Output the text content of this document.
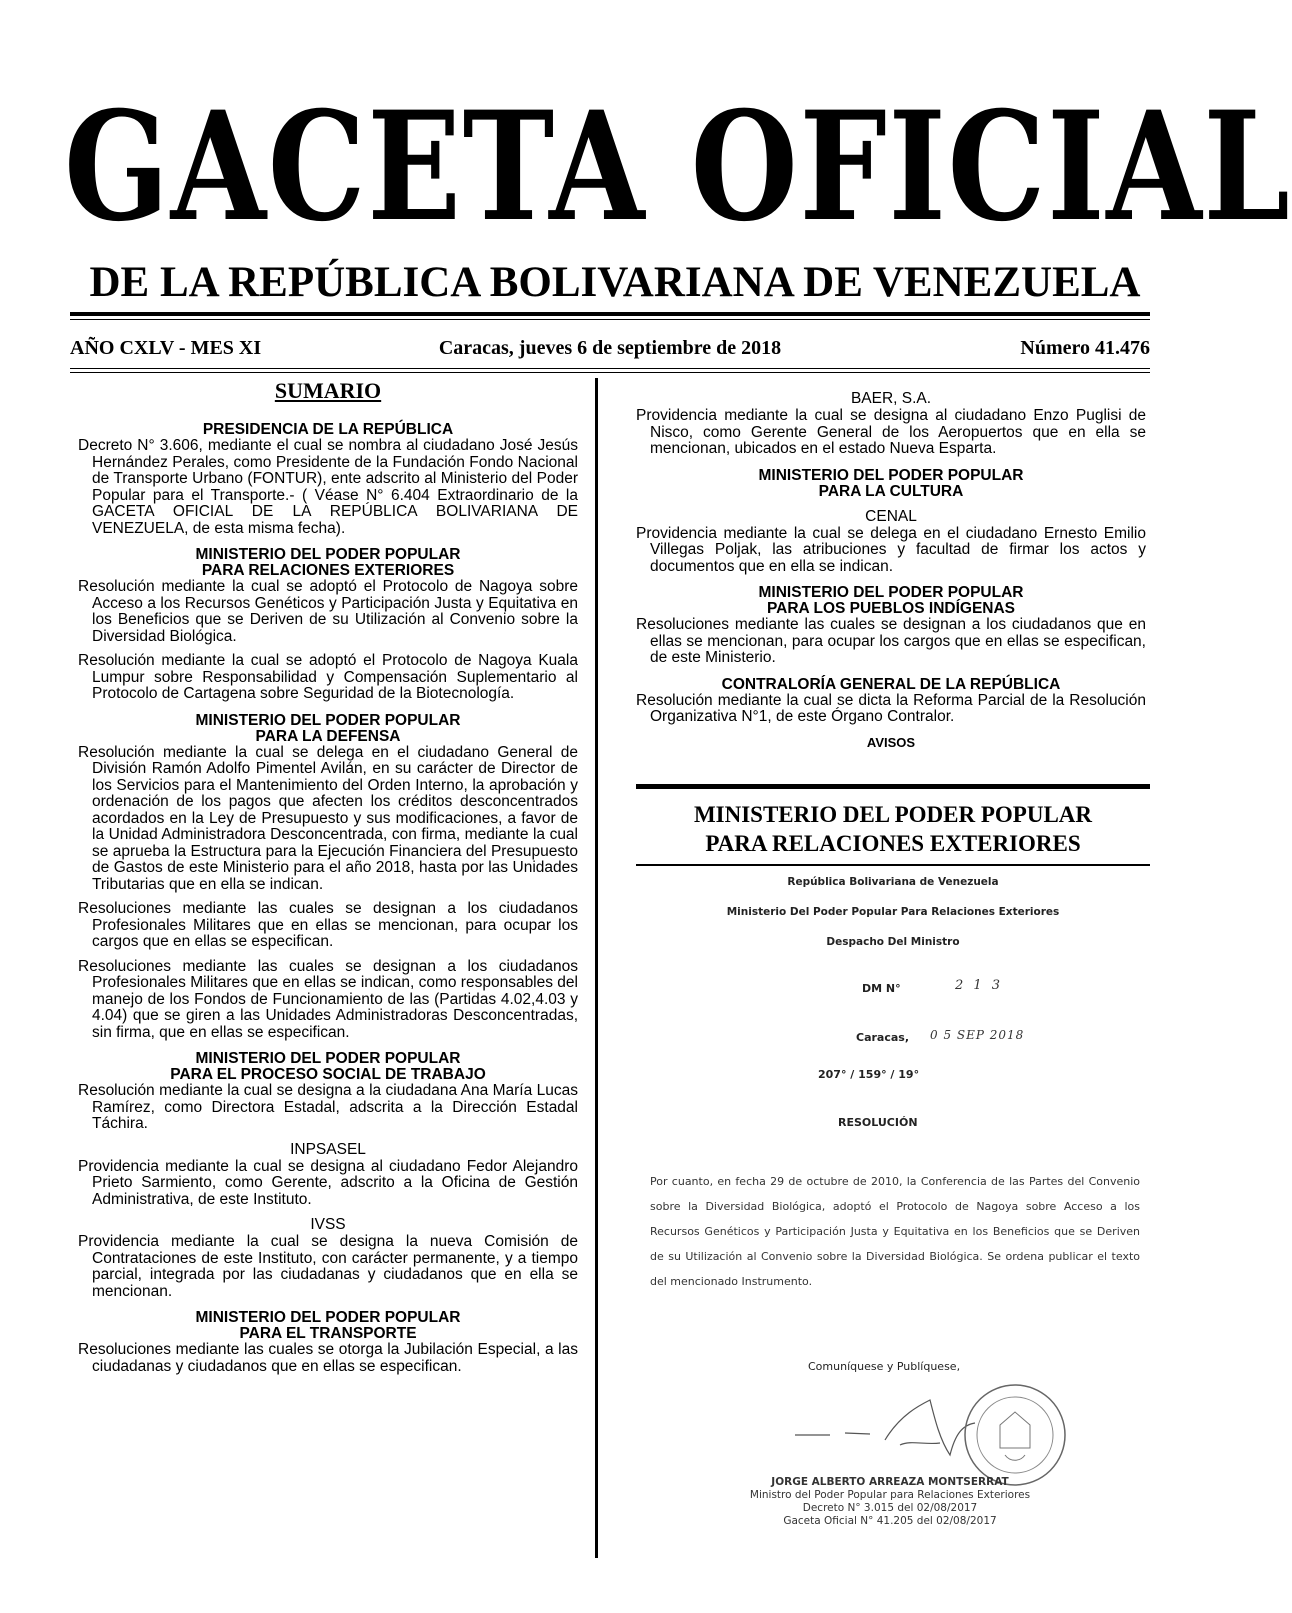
GACETA OFICIAL
DE LA REPÚBLICA BOLIVARIANA DE VENEZUELA
AÑO CXLV - MES XI	Caracas, jueves 6 de septiembre de 2018	Número 41.476
SUMARIO
PRESIDENCIA DE LA REPÚBLICA
Decreto N° 3.606, mediante el cual se nombra al ciudadano José Jesús Hernández Perales, como Presidente de la Fundación Fondo Nacional de Transporte Urbano (FONTUR), ente adscrito al Ministerio del Poder Popular para el Transporte.- ( Véase N° 6.404 Extraordinario de la GACETA OFICIAL DE LA REPÚBLICA BOLIVARIANA DE VENEZUELA, de esta misma fecha).
MINISTERIO DEL PODER POPULAR
PARA RELACIONES EXTERIORES
Resolución mediante la cual se adoptó el Protocolo de Nagoya sobre Acceso a los Recursos Genéticos y Participación Justa y Equitativa en los Beneficios que se Deriven de su Utilización al Convenio sobre la Diversidad Biológica.
Resolución mediante la cual se adoptó el Protocolo de Nagoya Kuala Lumpur sobre Responsabilidad y Compensación Suplementario al Protocolo de Cartagena sobre Seguridad de la Biotecnología.
MINISTERIO DEL PODER POPULAR
PARA LA DEFENSA
Resolución mediante la cual se delega en el ciudadano General de División Ramón Adolfo Pimentel Avilán, en su carácter de Director de los Servicios para el Mantenimiento del Orden Interno, la aprobación y ordenación de los pagos que afecten los créditos desconcentrados acordados en la Ley de Presupuesto y sus modificaciones, a favor de la Unidad Administradora Desconcentrada, con firma, mediante la cual se aprueba la Estructura para la Ejecución Financiera del Presupuesto de Gastos de este Ministerio para el año 2018, hasta por las Unidades Tributarias que en ella se indican.
Resoluciones mediante las cuales se designan a los ciudadanos Profesionales Militares que en ellas se mencionan, para ocupar los cargos que en ellas se especifican.
Resoluciones mediante las cuales se designan a los ciudadanos Profesionales Militares que en ellas se indican, como responsables del manejo de los Fondos de Funcionamiento de las (Partidas 4.02,4.03 y 4.04) que se giren a las Unidades Administradoras Desconcentradas, sin firma, que en ellas se especifican.
MINISTERIO DEL PODER POPULAR
PARA EL PROCESO SOCIAL DE TRABAJO
Resolución mediante la cual se designa a la ciudadana Ana María Lucas Ramírez, como Directora Estadal, adscrita a la Dirección Estadal Táchira.
INPSASEL
Providencia mediante la cual se designa al ciudadano Fedor Alejandro Prieto Sarmiento, como Gerente, adscrito a la Oficina de Gestión Administrativa, de este Instituto.
IVSS
Providencia mediante la cual se designa la nueva Comisión de Contrataciones de este Instituto, con carácter permanente, y a tiempo parcial, integrada por las ciudadanas y ciudadanos que en ella se mencionan.
MINISTERIO DEL PODER POPULAR
PARA EL TRANSPORTE
Resoluciones mediante las cuales se otorga la Jubilación Especial, a las ciudadanas y ciudadanos que en ellas se especifican.
BAER, S.A.
Providencia mediante la cual se designa al ciudadano Enzo Puglisi de Nisco, como Gerente General de los Aeropuertos que en ella se mencionan, ubicados en el estado Nueva Esparta.
MINISTERIO DEL PODER POPULAR
PARA LA CULTURA
CENAL
Providencia mediante la cual se delega en el ciudadano Ernesto Emilio Villegas Poljak, las atribuciones y facultad de firmar los actos y documentos que en ella se indican.
MINISTERIO DEL PODER POPULAR
PARA LOS PUEBLOS INDÍGENAS
Resoluciones mediante las cuales se designan a los ciudadanos que en ellas se mencionan, para ocupar los cargos que en ellas se especifican, de este Ministerio.
CONTRALORÍA GENERAL DE LA REPÚBLICA
Resolución mediante la cual se dicta la Reforma Parcial de la Resolución Organizativa N°1, de este Órgano Contralor.
AVISOS
MINISTERIO DEL PODER POPULAR
PARA RELACIONES EXTERIORES
República Bolivariana de Venezuela
Ministerio Del Poder Popular Para Relaciones Exteriores
Despacho Del Ministro
DM N°	2 1 3
Caracas, 0 5 SEP 2018
207° / 159° / 19°
RESOLUCIÓN
Por cuanto, en fecha 29 de octubre de 2010, la Conferencia de las Partes del Convenio sobre la Diversidad Biológica, adoptó el Protocolo de Nagoya sobre Acceso a los Recursos Genéticos y Participación Justa y Equitativa en los Beneficios que se Deriven de su Utilización al Convenio sobre la Diversidad Biológica. Se ordena publicar el texto del mencionado Instrumento.
Comuníquese y Publíquese,
JORGE ALBERTO ARREAZA MONTSERRAT
Ministro del Poder Popular para Relaciones Exteriores
Decreto N° 3.015 del 02/08/2017
Gaceta Oficial N° 41.205 del 02/08/2017
